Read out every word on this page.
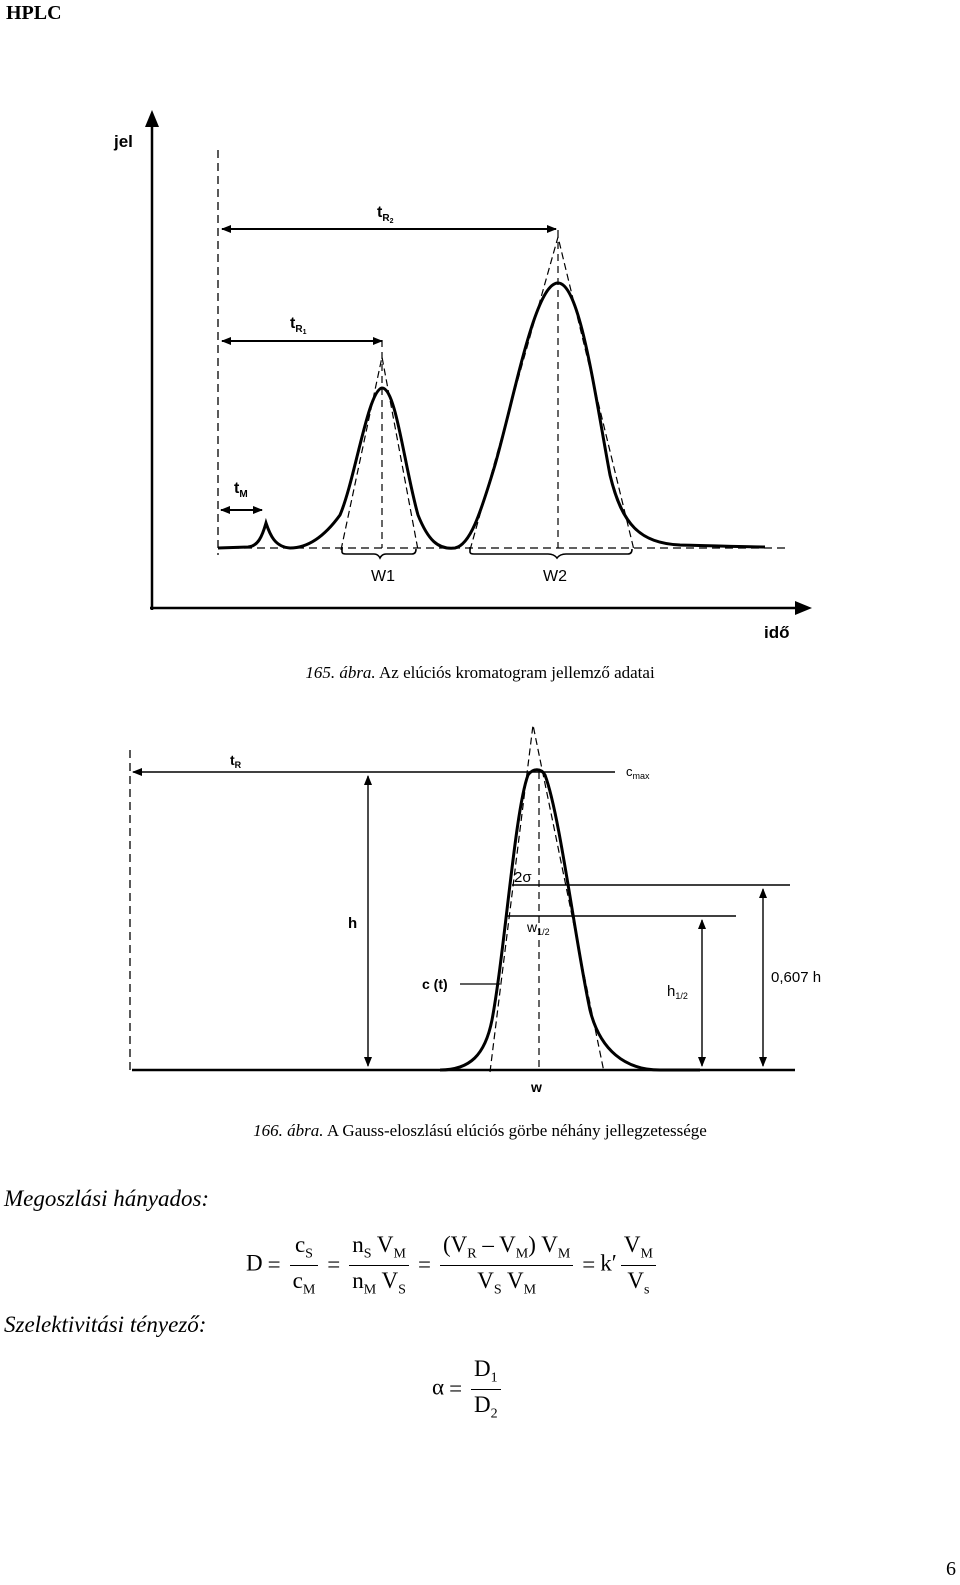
HPLC
jel
idő
$t_R2$
$t_R1$
$t_M$
W1	W2
165. ábra. Az elúciós kromatogram jellemző adatai
$t_R$	$c_{max}$
h
2σ
$w_{1/2}$
c (t)	$h_{1/2}$
0,607 h
w
166. ábra. A Gauss-eloszlású elúciós görbe néhány jellegzetessége
Megoszlási hányados:
$D = \frac{c_S}{c_M} = \frac{n_S V_M}{n_M V_S} = \frac{(V_R - V_M) V_M}{V_S V_M} = k' \frac{V_M}{V_s}$
Szelektivitási tényező:
$\alpha = \frac{D_1}{D_2}$
6
